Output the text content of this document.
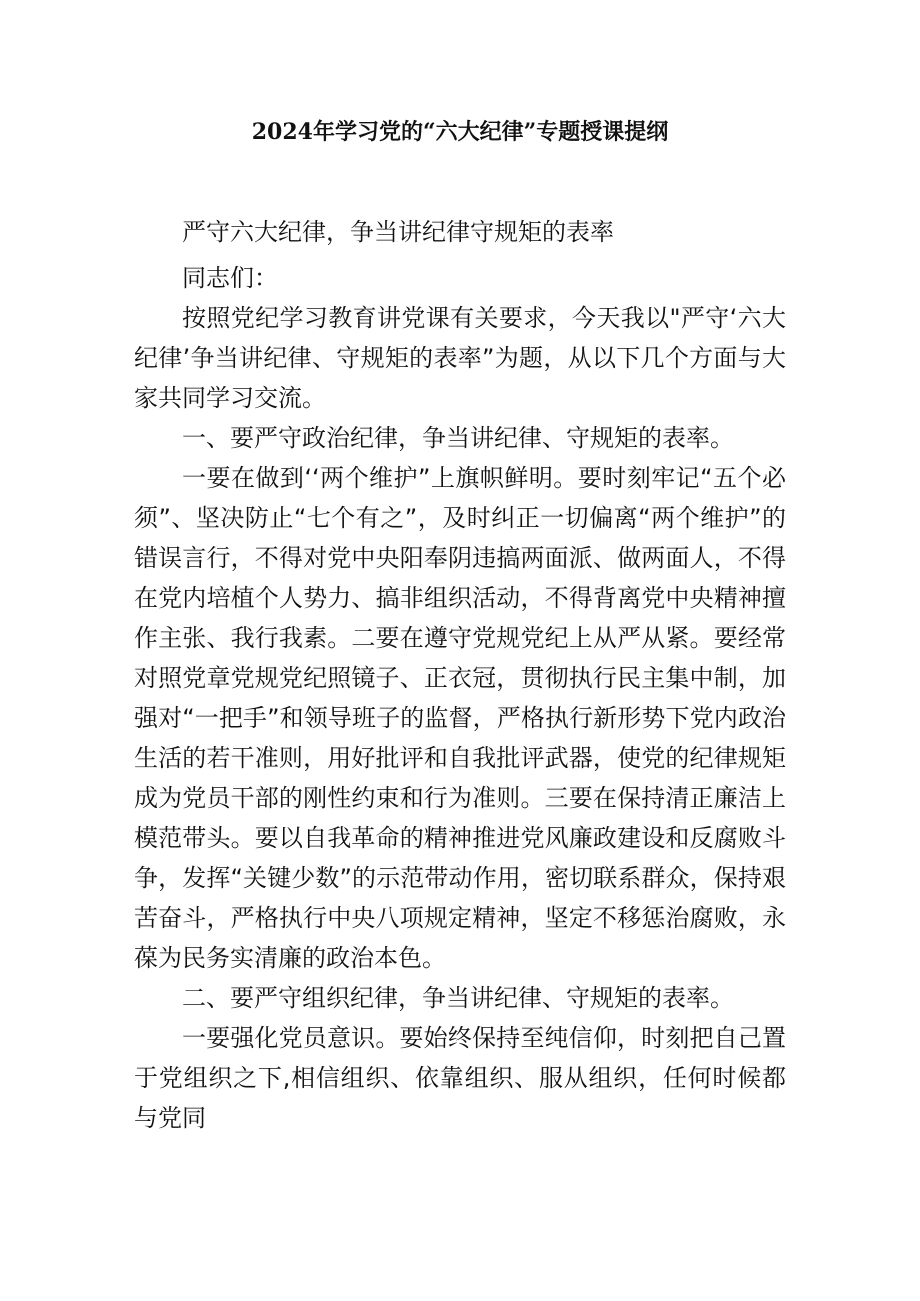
2024年学习党的“六大纪律”专题授课提纲

严守六大纪律，争当讲纪律守规矩的表率

同志们：

按照党纪学习教育讲党课有关要求，今天我以"严守‘六大纪律’争当讲纪律、守规矩的表率”为题，从以下几个方面与大家共同学习交流。

一、要严守政治纪律，争当讲纪律、守规矩的表率。

一要在做到‘‘两个维护”上旗帜鲜明。要时刻牢记“五个必须”、坚决防止“七个有之”，及时纠正一切偏离“两个维护”的错误言行，不得对党中央阳奉阴违搞两面派、做两面人，不得在党内培植个人势力、搞非组织活动，不得背离党中央精神擅作主张、我行我素。二要在遵守党规党纪上从严从紧。要经常对照党章党规党纪照镜子、正衣冠，贯彻执行民主集中制，加强对“一把手”和领导班子的监督，严格执行新形势下党内政治生活的若干准则，用好批评和自我批评武器，使党的纪律规矩成为党员干部的刚性约束和行为准则。三要在保持清正廉洁上模范带头。要以自我革命的精神推进党风廉政建设和反腐败斗争，发挥“关键少数”的示范带动作用，密切联系群众，保持艰苦奋斗，严格执行中央八项规定精神，坚定不移惩治腐败，永葆为民务实清廉的政治本色。

二、要严守组织纪律，争当讲纪律、守规矩的表率。

一要强化党员意识。要始终保持至纯信仰，时刻把自己置于党组织之下,相信组织、依靠组织、服从组织，任何时候都与党同
